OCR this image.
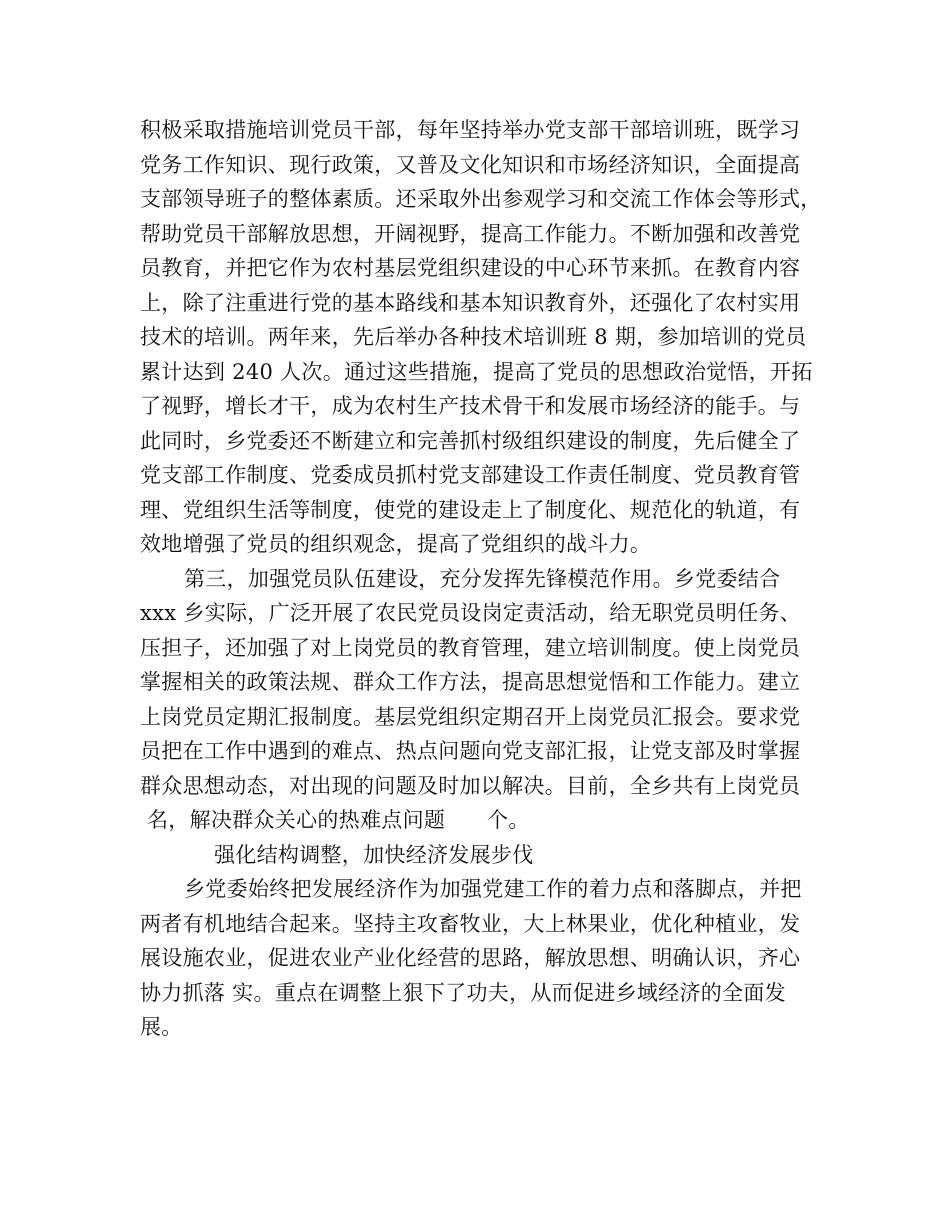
积极采取措施培训党员干部，每年坚持举办党支部干部培训班，既学习
党务工作知识、现行政策，又普及文化知识和市场经济知识，全面提高
支部领导班子的整体素质。还采取外出参观学习和交流工作体会等形式，
帮助党员干部解放思想，开阔视野，提高工作能力。不断加强和改善党
员教育，并把它作为农村基层党组织建设的中心环节来抓。在教育内容
上，除了注重进行党的基本路线和基本知识教育外，还强化了农村实用
技术的培训。两年来，先后举办各种技术培训班 8 期，参加培训的党员
累计达到 240 人次。通过这些措施，提高了党员的思想政治觉悟，开拓
了视野，增长才干，成为农村生产技术骨干和发展市场经济的能手。与
此同时，乡党委还不断建立和完善抓村级组织建设的制度，先后健全了
党支部工作制度、党委成员抓村党支部建设工作责任制度、党员教育管
理、党组织生活等制度，使党的建设走上了制度化、规范化的轨道，有
效地增强了党员的组织观念，提高了党组织的战斗力。
第三，加强党员队伍建设，充分发挥先锋模范作用。乡党委结合
xxx 乡实际，广泛开展了农民党员设岗定责活动，给无职党员明任务、
压担子，还加强了对上岗党员的教育管理，建立培训制度。使上岗党员
掌握相关的政策法规、群众工作方法，提高思想觉悟和工作能力。建立
上岗党员定期汇报制度。基层党组织定期召开上岗党员汇报会。要求党
员把在工作中遇到的难点、热点问题向党支部汇报，让党支部及时掌握
群众思想动态，对出现的问题及时加以解决。目前，全乡共有上岗党员
名，解决群众关心的热难点问题      个。
强化结构调整，加快经济发展步伐
乡党委始终把发展经济作为加强党建工作的着力点和落脚点，并把
两者有机地结合起来。坚持主攻畜牧业，大上林果业，优化种植业，发
展设施农业，促进农业产业化经营的思路，解放思想、明确认识，齐心
协力抓落 实。重点在调整上狠下了功夫，从而促进乡域经济的全面发
展。
